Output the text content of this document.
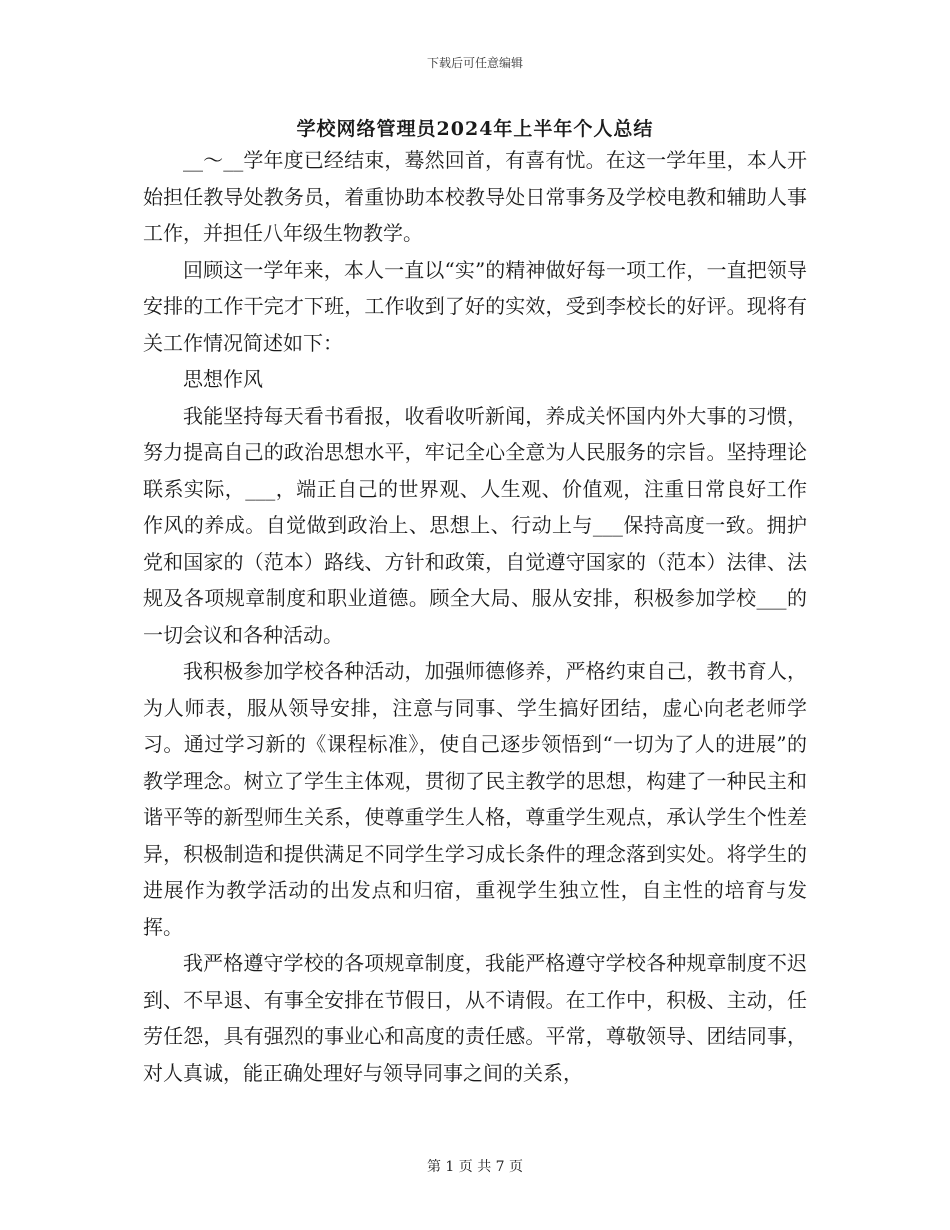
下载后可任意编辑
学校网络管理员2024年上半年个人总结

__～__学年度已经结束，蓦然回首，有喜有忧。在这一学年里，本人开始担任教导处教务员，着重协助本校教导处日常事务及学校电教和辅助人事工作，并担任八年级生物教学。

回顾这一学年来，本人一直以“实”的精神做好每一项工作，一直把领导安排的工作干完才下班，工作收到了好的实效，受到李校长的好评。现将有关工作情况简述如下：

思想作风

我能坚持每天看书看报，收看收听新闻，养成关怀国内外大事的习惯，努力提高自己的政治思想水平，牢记全心全意为人民服务的宗旨。坚持理论联系实际，___，端正自己的世界观、人生观、价值观，注重日常良好工作作风的养成。自觉做到政治上、思想上、行动上与___保持高度一致。拥护党和国家的（范本）路线、方针和政策，自觉遵守国家的（范本）法律、法规及各项规章制度和职业道德。顾全大局、服从安排，积极参加学校___的一切会议和各种活动。

我积极参加学校各种活动，加强师德修养，严格约束自己，教书育人，为人师表，服从领导安排，注意与同事、学生搞好团结，虚心向老老师学习。通过学习新的《课程标准》，使自己逐步领悟到“一切为了人的进展”的教学理念。树立了学生主体观，贯彻了民主教学的思想，构建了一种民主和谐平等的新型师生关系，使尊重学生人格，尊重学生观点，承认学生个性差异，积极制造和提供满足不同学生学习成长条件的理念落到实处。将学生的进展作为教学活动的出发点和归宿，重视学生独立性，自主性的培育与发挥。

我严格遵守学校的各项规章制度，我能严格遵守学校各种规章制度不迟到、不早退、有事全安排在节假日，从不请假。在工作中，积极、主动，任劳任怨，具有强烈的事业心和高度的责任感。平常，尊敬领导、团结同事，对人真诚，能正确处理好与领导同事之间的关系，

第 1 页 共 7 页
